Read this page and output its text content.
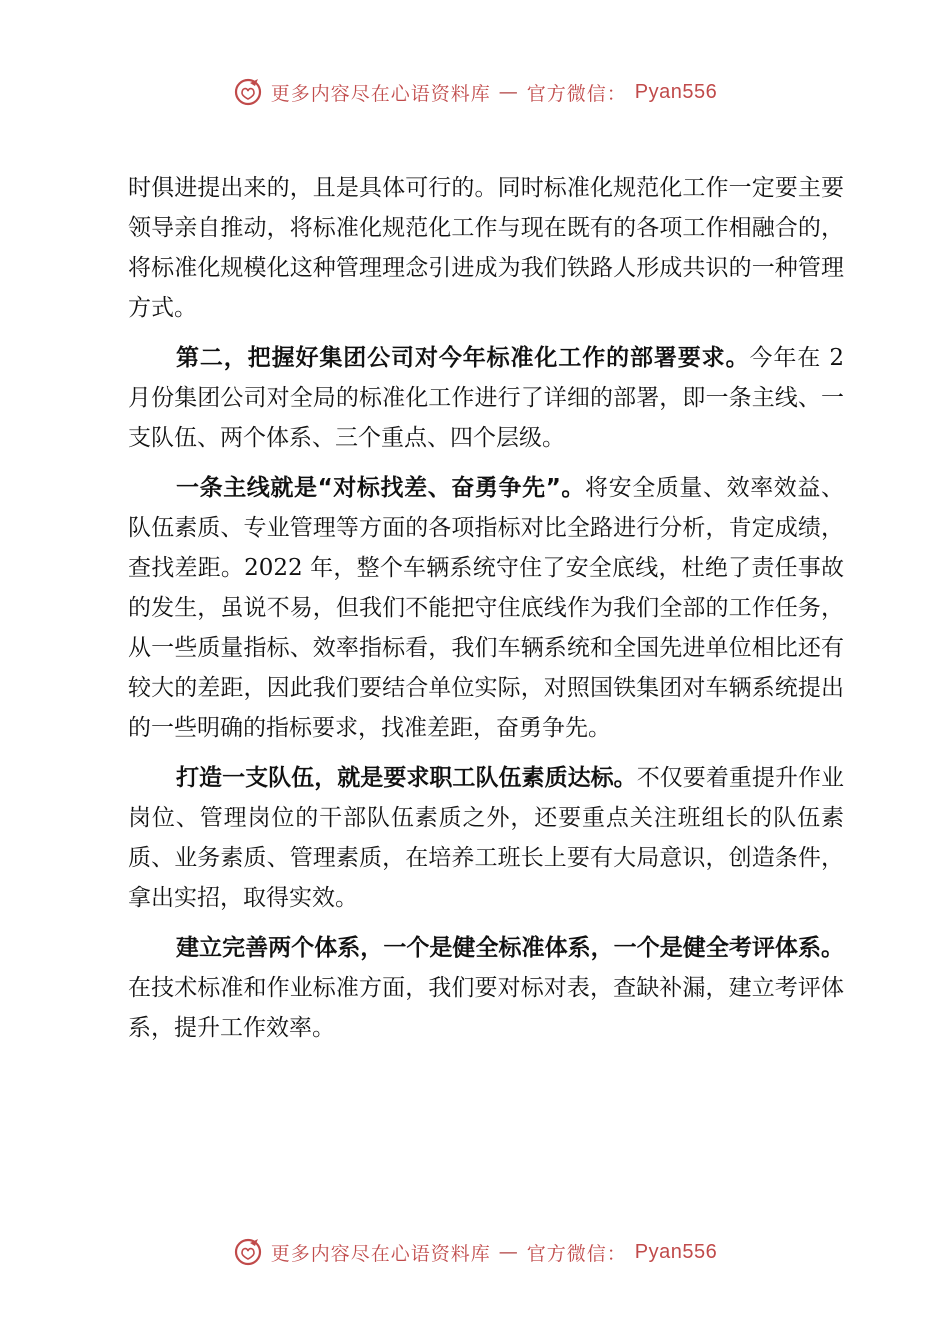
更多内容尽在心语资料库 — 官方微信： Pyan556

时俱进提出来的，且是具体可行的。同时标准化规范化工作一定要主要领导亲自推动，将标准化规范化工作与现在既有的各项工作相融合的，将标准化规模化这种管理理念引进成为我们铁路人形成共识的一种管理方式。

第二，把握好集团公司对今年标准化工作的部署要求。今年在 2 月份集团公司对全局的标准化工作进行了详细的部署，即一条主线、一支队伍、两个体系、三个重点、四个层级。

一条主线就是“对标找差、奋勇争先”。将安全质量、效率效益、队伍素质、专业管理等方面的各项指标对比全路进行分析，肯定成绩，查找差距。2022 年，整个车辆系统守住了安全底线，杜绝了责任事故的发生，虽说不易，但我们不能把守住底线作为我们全部的工作任务，从一些质量指标、效率指标看，我们车辆系统和全国先进单位相比还有较大的差距，因此我们要结合单位实际，对照国铁集团对车辆系统提出的一些明确的指标要求，找准差距，奋勇争先。

打造一支队伍，就是要求职工队伍素质达标。不仅要着重提升作业岗位、管理岗位的干部队伍素质之外，还要重点关注班组长的队伍素质、业务素质、管理素质，在培养工班长上要有大局意识，创造条件，拿出实招，取得实效。

建立完善两个体系，一个是健全标准体系，一个是健全考评体系。在技术标准和作业标准方面，我们要对标对表，查缺补漏，建立考评体系，提升工作效率。

更多内容尽在心语资料库 — 官方微信： Pyan556
